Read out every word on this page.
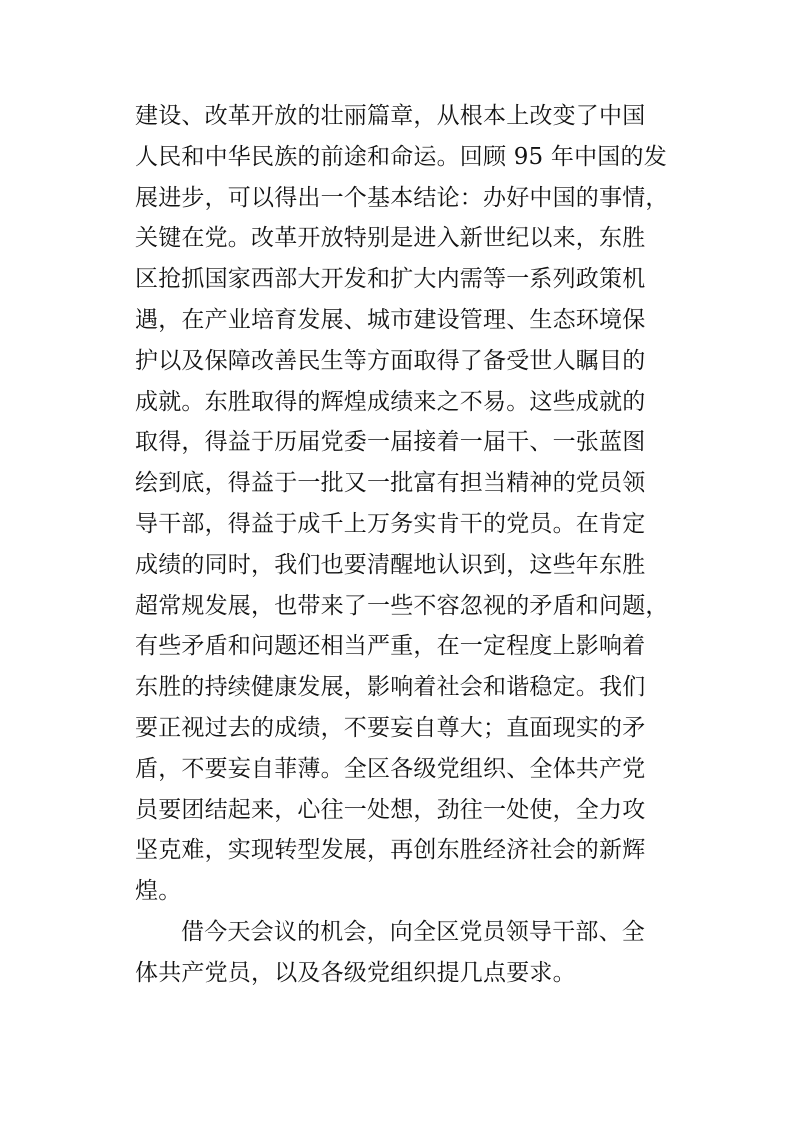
建设、改革开放的壮丽篇章，从根本上改变了中国
人民和中华民族的前途和命运。回顾 95 年中国的发
展进步，可以得出一个基本结论：办好中国的事情，
关键在党。改革开放特别是进入新世纪以来，东胜
区抢抓国家西部大开发和扩大内需等一系列政策机
遇，在产业培育发展、城市建设管理、生态环境保
护以及保障改善民生等方面取得了备受世人瞩目的
成就。东胜取得的辉煌成绩来之不易。这些成就的
取得，得益于历届党委一届接着一届干、一张蓝图
绘到底，得益于一批又一批富有担当精神的党员领
导干部，得益于成千上万务实肯干的党员。在肯定
成绩的同时，我们也要清醒地认识到，这些年东胜
超常规发展，也带来了一些不容忽视的矛盾和问题，
有些矛盾和问题还相当严重，在一定程度上影响着
东胜的持续健康发展，影响着社会和谐稳定。我们
要正视过去的成绩，不要妄自尊大；直面现实的矛
盾，不要妄自菲薄。全区各级党组织、全体共产党
员要团结起来，心往一处想，劲往一处使，全力攻
坚克难，实现转型发展，再创东胜经济社会的新辉
煌。
借今天会议的机会，向全区党员领导干部、全
体共产党员，以及各级党组织提几点要求。
